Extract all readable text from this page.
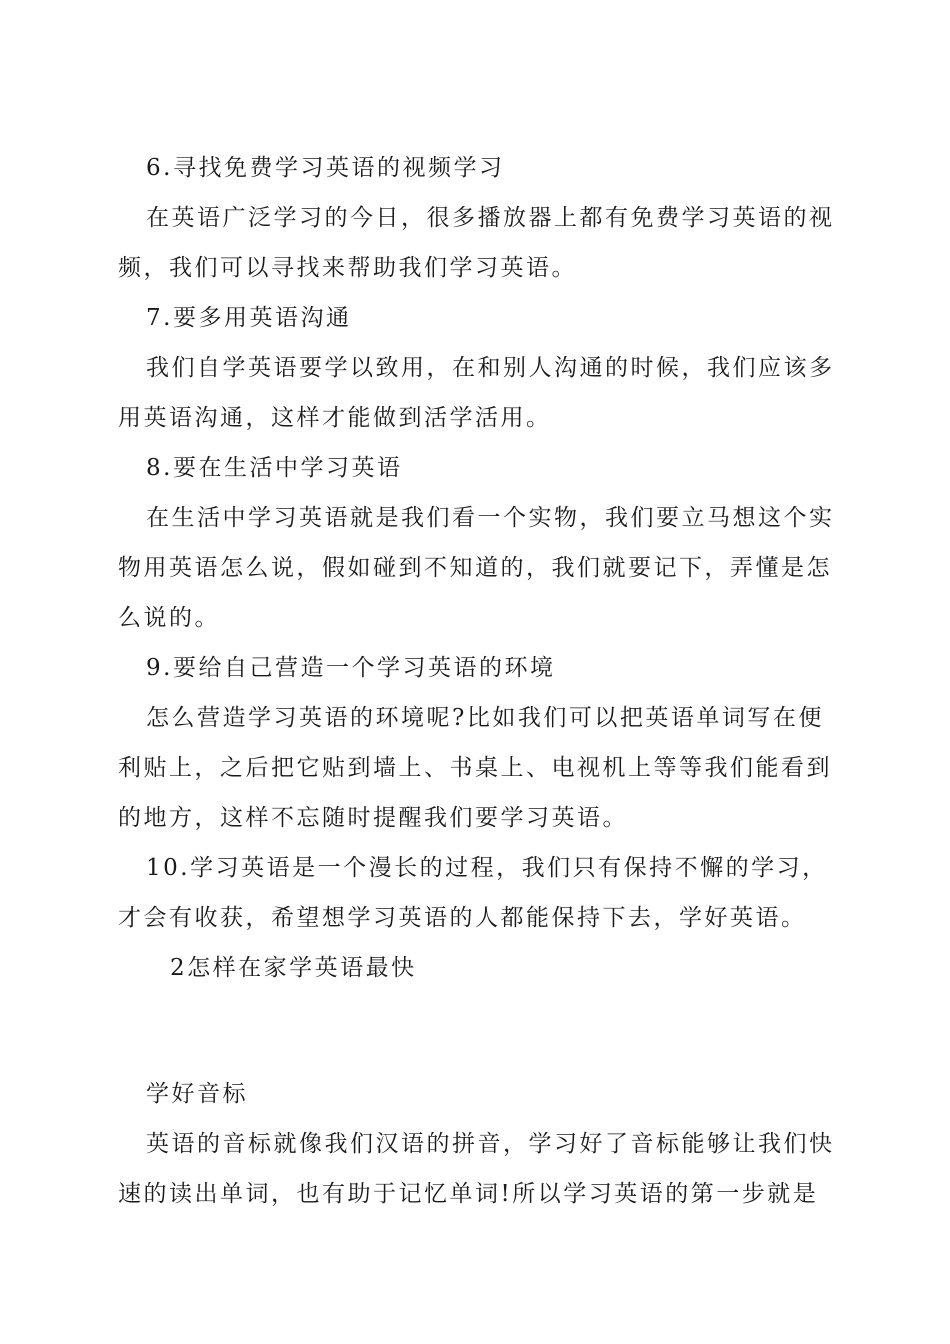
6.寻找免费学习英语的视频学习
在英语广泛学习的今日，很多播放器上都有免费学习英语的视
频，我们可以寻找来帮助我们学习英语。
7.要多用英语沟通
我们自学英语要学以致用，在和别人沟通的时候，我们应该多
用英语沟通，这样才能做到活学活用。
8.要在生活中学习英语
在生活中学习英语就是我们看一个实物，我们要立马想这个实
物用英语怎么说，假如碰到不知道的，我们就要记下，弄懂是怎
么说的。
9.要给自己营造一个学习英语的环境
怎么营造学习英语的环境呢?比如我们可以把英语单词写在便
利贴上，之后把它贴到墙上、书桌上、电视机上等等我们能看到
的地方，这样不忘随时提醒我们要学习英语。
10.学习英语是一个漫长的过程，我们只有保持不懈的学习，
才会有收获，希望想学习英语的人都能保持下去，学好英语。
2怎样在家学英语最快
学好音标
英语的音标就像我们汉语的拼音，学习好了音标能够让我们快
速的读出单词，也有助于记忆单词!所以学习英语的第一步就是
